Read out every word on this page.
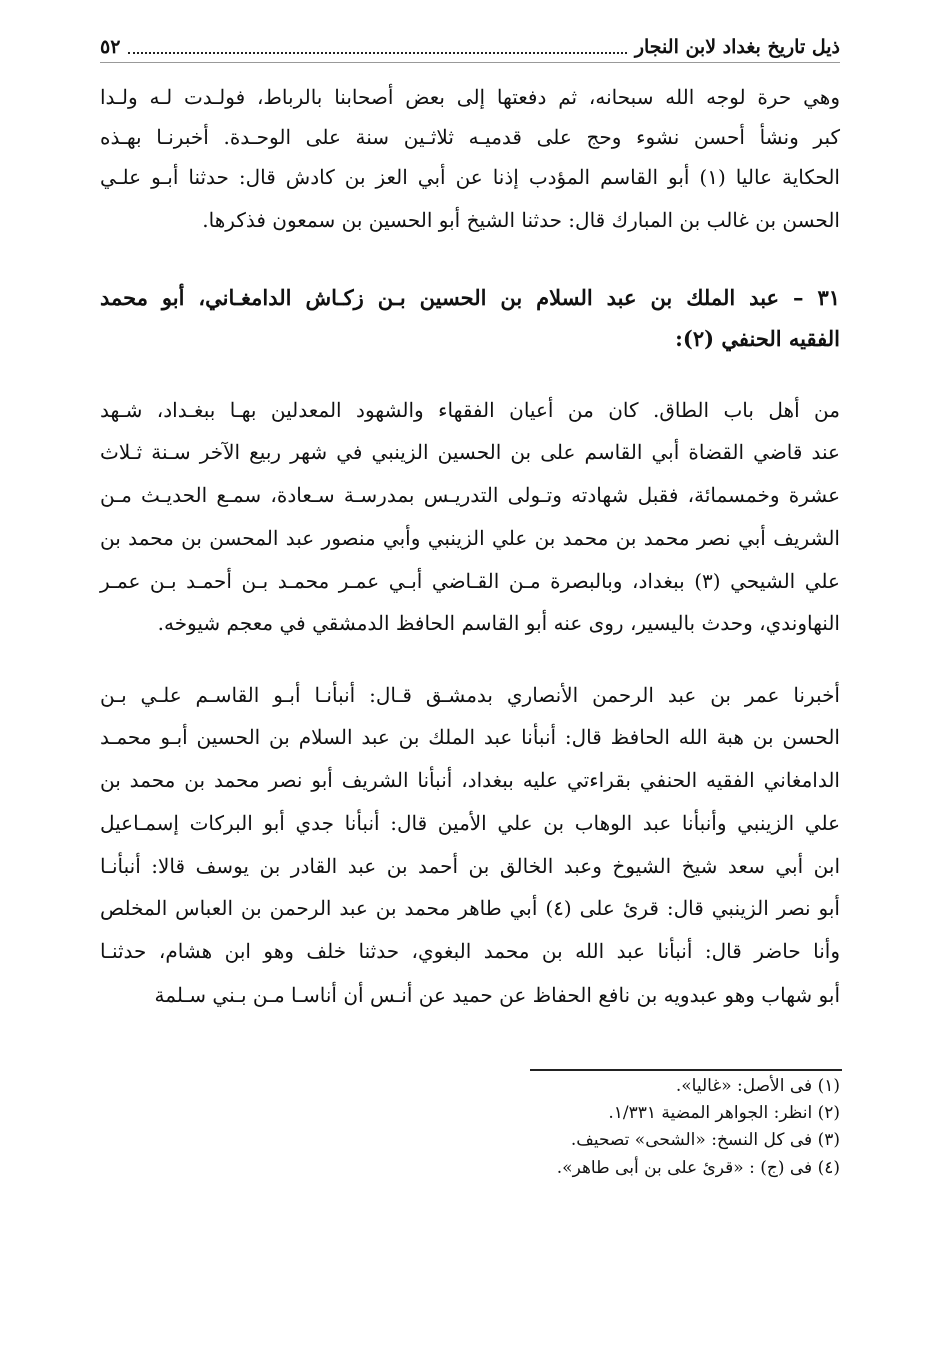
ذيل تاريخ بغداد لابن النجار
٥٢
وهي حرة لوجه الله سبحانه، ثم دفعتها إلى بعض أصحابنا بالرباط، فولـدت لـه ولـدا
كبر ونشأ أحسن نشوء وحج على قدميـه ثلاثـين سنة على الوحـدة. أخبرنـا بهـذه
الحكاية عاليا (١) أبو القاسم المؤدب إذنا عن أبي العز بن كادش قال: حدثنا أبـو علـي
الحسن بن غالب بن المبارك قال: حدثنا الشيخ أبو الحسين بن سمعون فذكرها.
٣١ – عبد الملك بن عبد السلام بن الحسين بـن زكـاش الدامغـاني، أبو محمد
الفقيه الحنفي (٢):
من أهل باب الطاق. كان من أعيان الفقهاء والشهود المعدلين بهـا ببغـداد، شـهد
عند قاضي القضاة أبي القاسم على بن الحسين الزينبي في شهر ربيع الآخر سـنة ثـلاث
عشرة وخمسمائة، فقبل شهادته وتـولى التدريـس بمدرسـة سـعادة، سمـع الحديـث مـن
الشريف أبي نصر محمد بن محمد بن علي الزينبي وأبي منصور عبد المحسن بن محمد بن
علي الشيحي (٣) ببغداد، وبالبصرة مـن القـاضي أبـي عمـر محمـد بـن أحمـد بـن عمـر
النهاوندي، وحدث باليسير، روى عنه أبو القاسم الحافظ الدمشقي في معجم شيوخه.
أخبرنا عمر بن عبد الرحمن الأنصاري بدمشـق قـال: أنبأنـا أبـو القاسـم علـي بـن
الحسن بن هبة الله الحافظ قال: أنبأنا عبد الملك بن عبد السلام بن الحسين أبـو محمـد
الدامغاني الفقيه الحنفي بقراءتي عليه ببغداد، أنبأنا الشريف أبو نصر محمد بن محمد بن
علي الزينبي وأنبأنا عبد الوهاب بن علي الأمين قال: أنبأنا جدي أبو البركات إسمـاعيل
ابن أبي سعد شيخ الشيوخ وعبد الخالق بن أحمد بن عبد القادر بن يوسف قالا: أنبأنـا
أبو نصر الزينبي قال: قرئ على (٤) أبي طاهر محمد بن عبد الرحمن بن العباس المخلص
وأنا حاضر قال: أنبأنا عبد الله بن محمد البغوي، حدثنا خلف وهو ابن هشام، حدثنـا
أبو شهاب وهو عبدويه بن نافع الحفاظ عن حميد عن أنـس أن أناسـا مـن بـني سـلمة
(١) فى الأصل: «غاليا».
(٢) انظر: الجواهر المضية ١/٣٣١.
(٣) فى كل النسخ: «الشحى» تصحيف.
(٤) فى (ج) : «قرئ على بن أبى طاهر».
